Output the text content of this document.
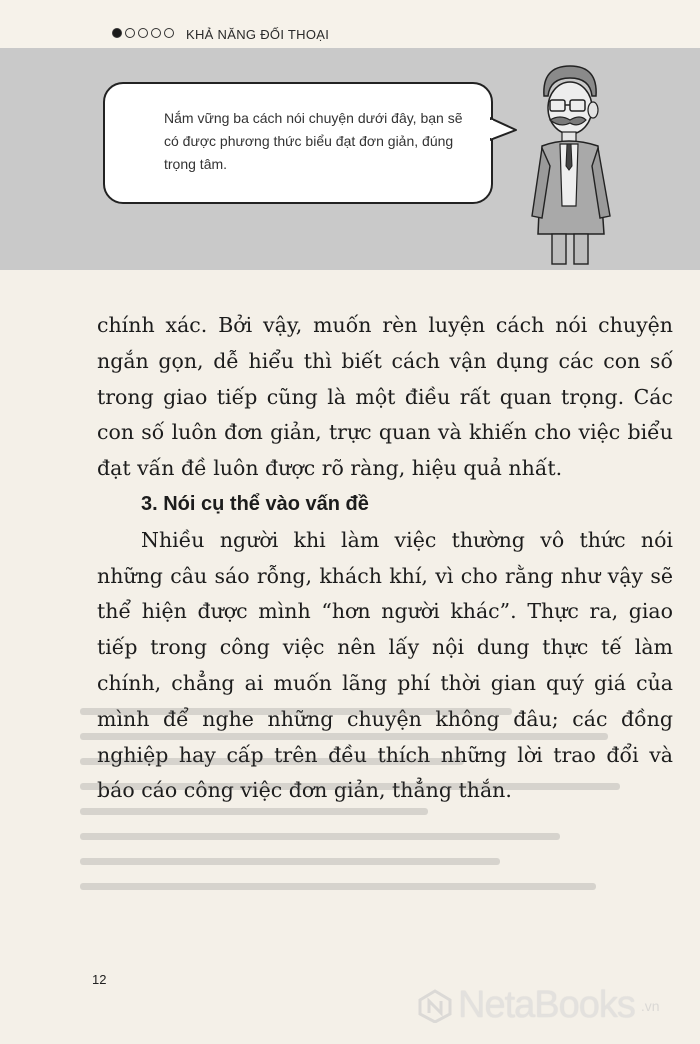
KHẢ NĂNG ĐỐI THOẠI
Nắm vững ba cách nói chuyện dưới đây, bạn sẽ có được phương thức biểu đạt đơn giản, đúng trọng tâm.

chính xác. Bởi vậy, muốn rèn luyện cách nói chuyện ngắn gọn, dễ hiểu thì biết cách vận dụng các con số trong giao tiếp cũng là một điều rất quan trọng. Các con số luôn đơn giản, trực quan và khiến cho việc biểu đạt vấn đề luôn được rõ ràng, hiệu quả nhất.

3. Nói cụ thể vào vấn đề

Nhiều người khi làm việc thường vô thức nói những câu sáo rỗng, khách khí, vì cho rằng như vậy sẽ thể hiện được mình “hơn người khác”. Thực ra, giao tiếp trong công việc nên lấy nội dung thực tế làm chính, chẳng ai muốn lãng phí thời gian quý giá của mình để nghe những chuyện không đâu; các đồng nghiệp hay cấp trên đều thích những lời trao đổi và báo cáo công việc đơn giản, thẳng thắn.

12
NetaBooks .vn
